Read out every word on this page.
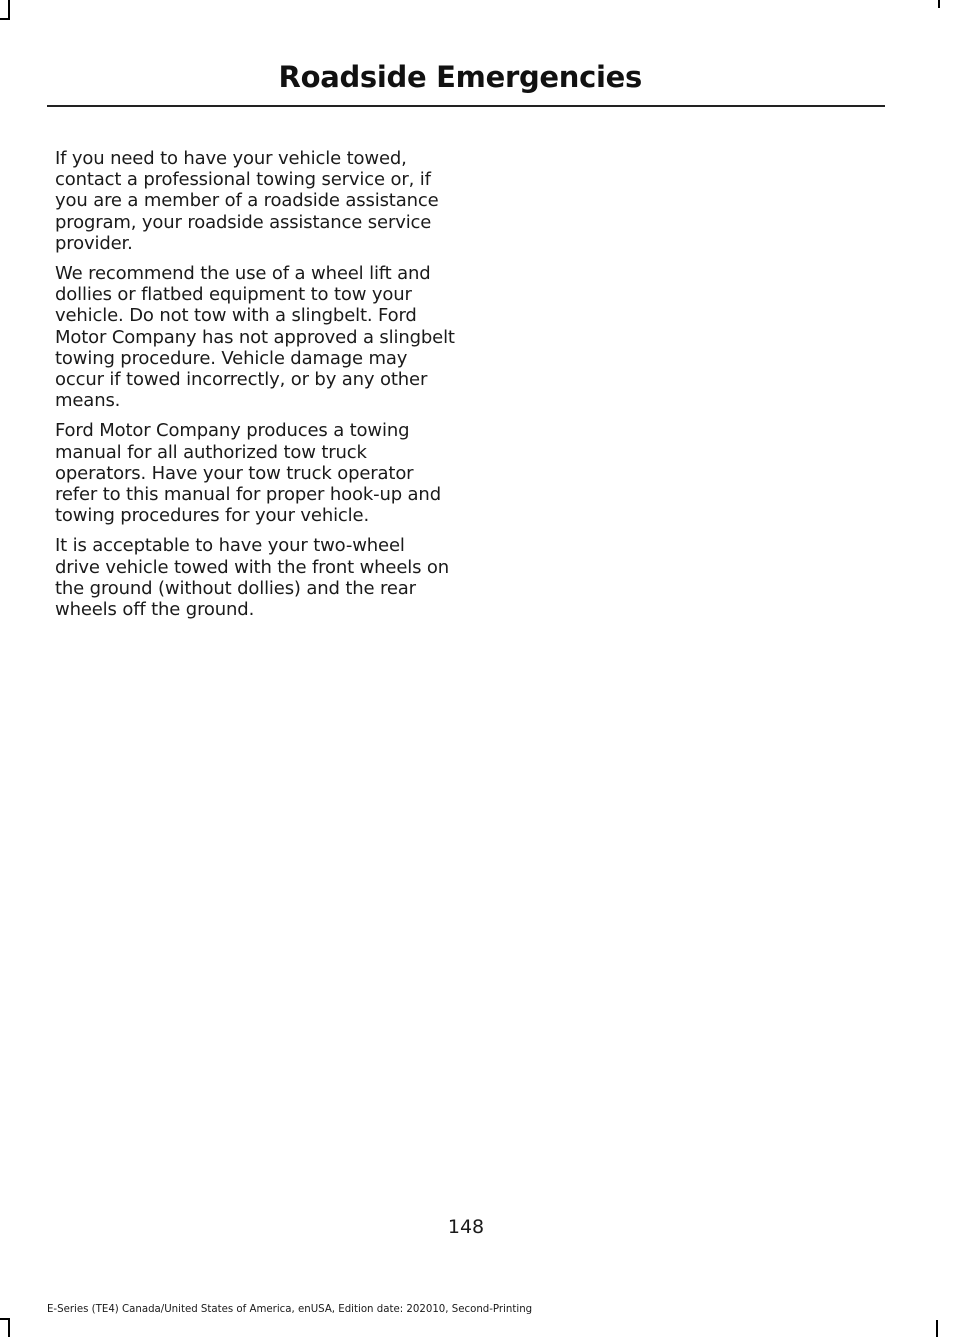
Roadside Emergencies

If you need to have your vehicle towed, contact a professional towing service or, if you are a member of a roadside assistance program, your roadside assistance service provider.

We recommend the use of a wheel lift and dollies or flatbed equipment to tow your vehicle. Do not tow with a slingbelt. Ford Motor Company has not approved a slingbelt towing procedure. Vehicle damage may occur if towed incorrectly, or by any other means.

Ford Motor Company produces a towing manual for all authorized tow truck operators. Have your tow truck operator refer to this manual for proper hook-up and towing procedures for your vehicle.

It is acceptable to have your two-wheel drive vehicle towed with the front wheels on the ground (without dollies) and the rear wheels off the ground.

148
E-Series (TE4) Canada/United States of America, enUSA, Edition date: 202010, Second-Printing
